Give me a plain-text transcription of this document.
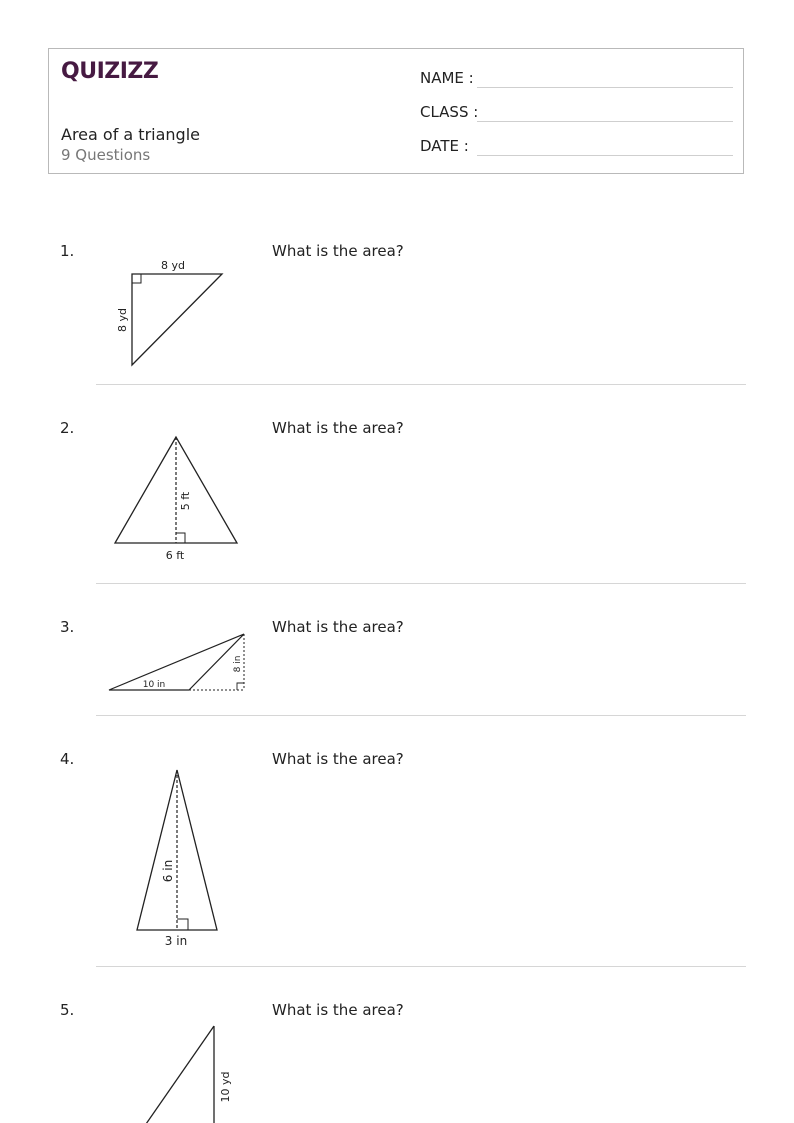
QUIZIZZ
Area of a triangle
9 Questions
NAME :
CLASS :
DATE :
1.	What is the area?
8 yd
8 yd
2.	What is the area?
5 ft
6 ft
3.	What is the area?
10 in
8 in
4.	What is the area?
6 in
3 in
5.	What is the area?
10 yd
